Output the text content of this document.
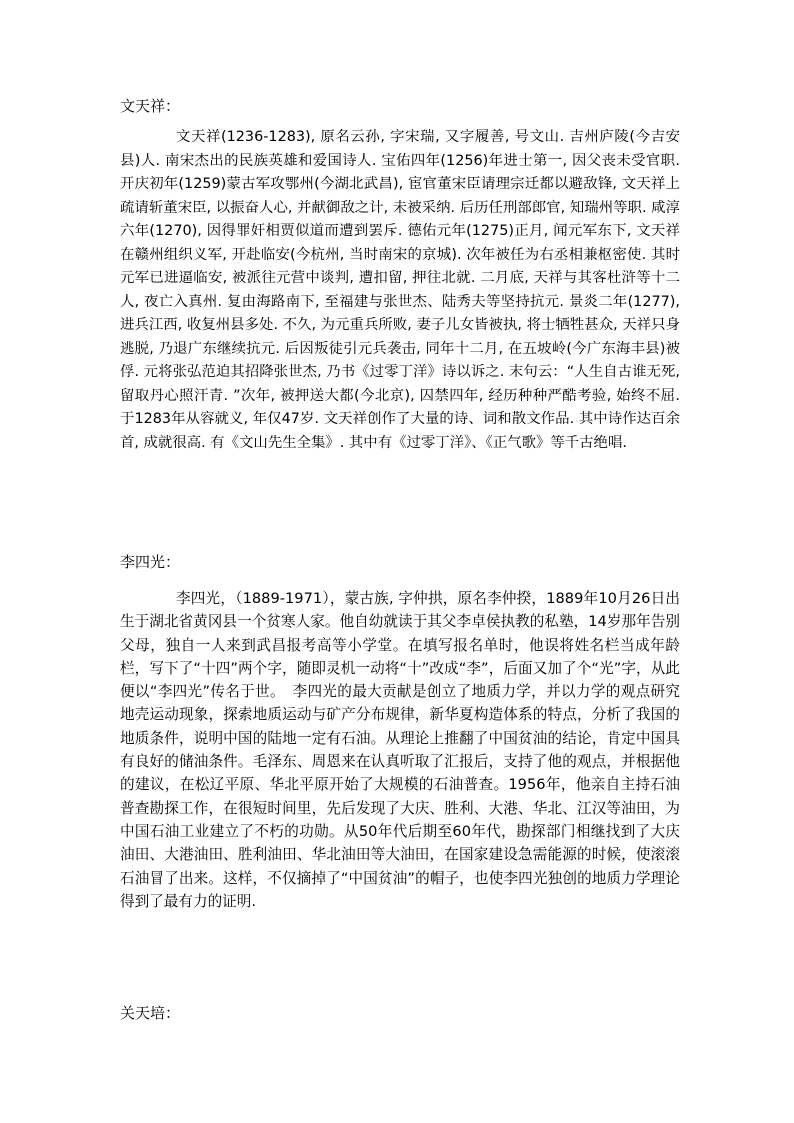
文天祥：

文天祥(1236-1283), 原名云孙, 字宋瑞, 又字履善, 号文山. 吉州庐陵(今吉安县)人. 南宋杰出的民族英雄和爱国诗人. 宝佑四年(1256)年进士第一, 因父丧未受官职. 开庆初年(1259)蒙古军攻鄂州(今湖北武昌), 宦官董宋臣请理宗迁都以避敌锋, 文天祥上疏请斩董宋臣, 以振奋人心, 并献御敌之计, 未被采纳. 后历任刑部郎官, 知瑞州等职. 咸淳六年(1270), 因得罪奸相贾似道而遭到罢斥. 德佑元年(1275)正月, 闻元军东下, 文天祥在赣州组织义军, 开赴临安(今杭州, 当时南宋的京城). 次年被任为右丞相兼枢密使. 其时元军已进逼临安, 被派往元营中谈判, 遭扣留, 押往北就. 二月底, 天祥与其客杜浒等十二人, 夜亡入真州. 复由海路南下, 至福建与张世杰、陆秀夫等坚持抗元. 景炎二年(1277), 进兵江西, 收复州县多处. 不久, 为元重兵所败, 妻子儿女皆被执, 将士牺牲甚众, 天祥只身逃脱, 乃退广东继续抗元. 后因叛徒引元兵袭击, 同年十二月, 在五坡岭(今广东海丰县)被俘. 元将张弘范迫其招降张世杰, 乃书《过零丁洋》诗以诉之. 末句云：“人生自古谁无死, 留取丹心照汗青. ”次年, 被押送大都(今北京), 囚禁四年, 经历种种严酷考验, 始终不屈. 于1283年从容就义, 年仅47岁. 文天祥创作了大量的诗、词和散文作品. 其中诗作达百余首, 成就很高. 有《文山先生全集》. 其中有《过零丁洋》、《正气歌》等千古绝唱.

李四光：

李四光，（1889-1971），蒙古族, 字仲拱，原名李仲揆，1889年10月26日出生于湖北省黄冈县一个贫寒人家。他自幼就读于其父李卓侯执教的私塾，14岁那年告别父母，独自一人来到武昌报考高等小学堂。在填写报名单时，他误将姓名栏当成年龄栏，写下了“十四”两个字，随即灵机一动将“十”改成“李”，后面又加了个“光”字，从此便以“李四光”传名于世。　李四光的最大贡献是创立了地质力学，并以力学的观点研究地壳运动现象，探索地质运动与矿产分布规律，新华夏构造体系的特点，分析了我国的地质条件，说明中国的陆地一定有石油。从理论上推翻了中国贫油的结论，肯定中国具有良好的储油条件。毛泽东、周恩来在认真听取了汇报后，支持了他的观点，并根据他的建议，在松辽平原、华北平原开始了大规模的石油普查。1956年，他亲自主持石油普查勘探工作，在很短时间里，先后发现了大庆、胜利、大港、华北、江汉等油田，为中国石油工业建立了不朽的功勋。从50年代后期至60年代，勘探部门相继找到了大庆油田、大港油田、胜利油田、华北油田等大油田，在国家建设急需能源的时候，使滚滚石油冒了出来。这样，不仅摘掉了“中国贫油”的帽子，也使李四光独创的地质力学理论得到了最有力的证明.

关天培：
